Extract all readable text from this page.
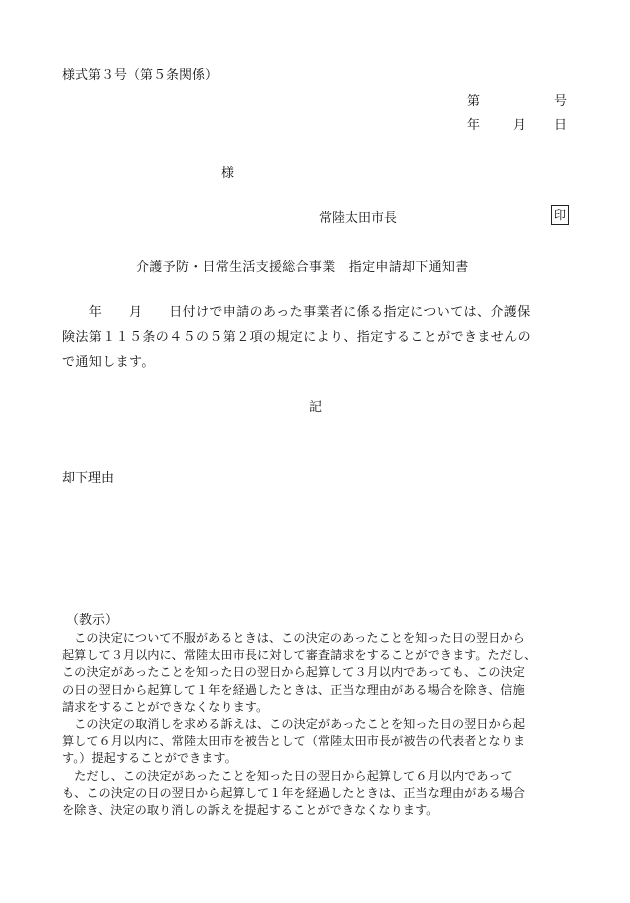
様式第３号（第５条関係）
第	号
年	月 日
様
常陸太田市長	印
介護予防・日常生活支援総合事業　指定申請却下通知書
　　年　　月　　日付けで申請のあった事業者に係る指定については、介護保
険法第１１５条の４５の５第２項の規定により、指定することができませんの
で通知します。
記
却下理由
（教示）
　この決定について不服があるときは、この決定のあったことを知った日の翌日から
起算して３月以内に、常陸太田市長に対して審査請求をすることができます。ただし、
この決定があったことを知った日の翌日から起算して３月以内であっても、この決定
の日の翌日から起算して１年を経過したときは、正当な理由がある場合を除き、信施
請求をすることができなくなります。
　この決定の取消しを求める訴えは、この決定があったことを知った日の翌日から起
算して６月以内に、常陸太田市を被告として（常陸太田市長が被告の代表者となりま
す。）提起することができます。
　ただし、この決定があったことを知った日の翌日から起算して６月以内であって
も、この決定の日の翌日から起算して１年を経過したときは、正当な理由がある場合
を除き、決定の取り消しの訴えを提起することができなくなります。
